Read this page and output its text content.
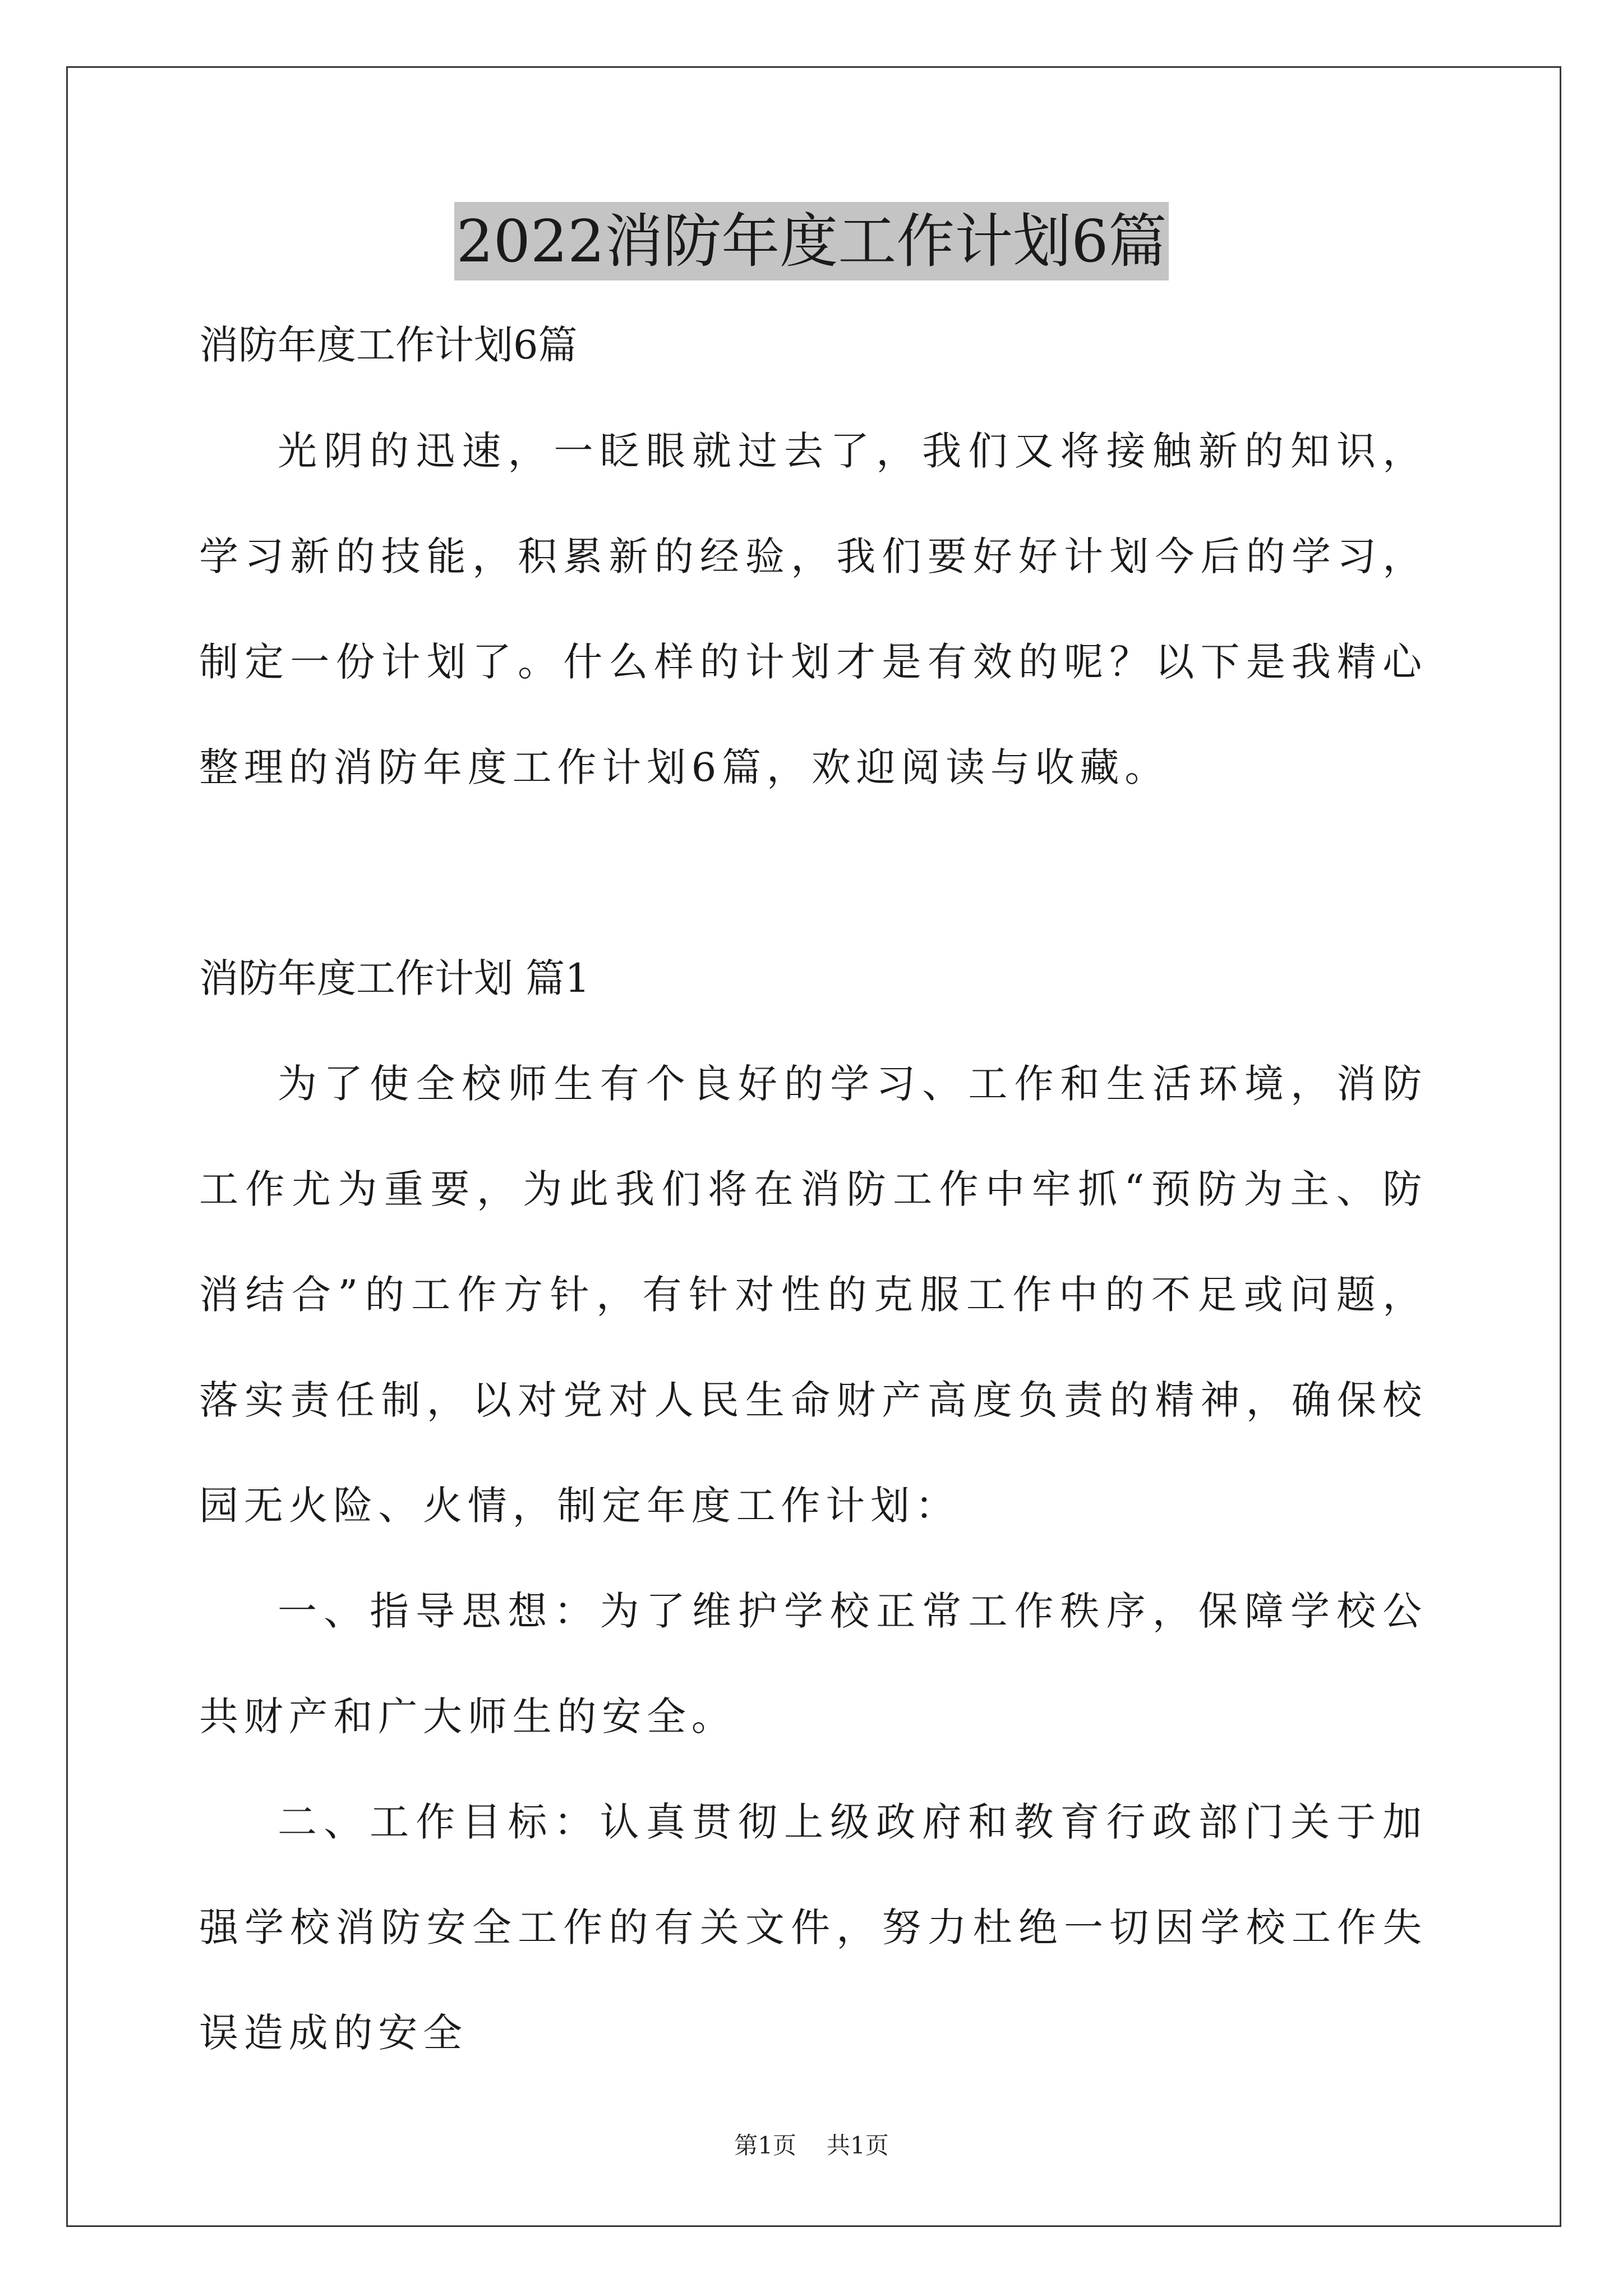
2022消防年度工作计划6篇

消防年度工作计划6篇

光阴的迅速，一眨眼就过去了，我们又将接触新的知识，学习新的技能，积累新的经验，我们要好好计划今后的学习，制定一份计划了。什么样的计划才是有效的呢？以下是我精心整理的消防年度工作计划6篇，欢迎阅读与收藏。

消防年度工作计划 篇1

为了使全校师生有个良好的学习、工作和生活环境，消防工作尤为重要，为此我们将在消防工作中牢抓“预防为主、防消结合”的工作方针，有针对性的克服工作中的不足或问题，落实责任制，以对党对人民生命财产高度负责的精神，确保校园无火险、火情，制定年度工作计划：

一、指导思想：为了维护学校正常工作秩序，保障学校公共财产和广大师生的安全。

二、工作目标：认真贯彻上级政府和教育行政部门关于加强学校消防安全工作的有关文件，努力杜绝一切因学校工作失误造成的安全

第1页 共1页
